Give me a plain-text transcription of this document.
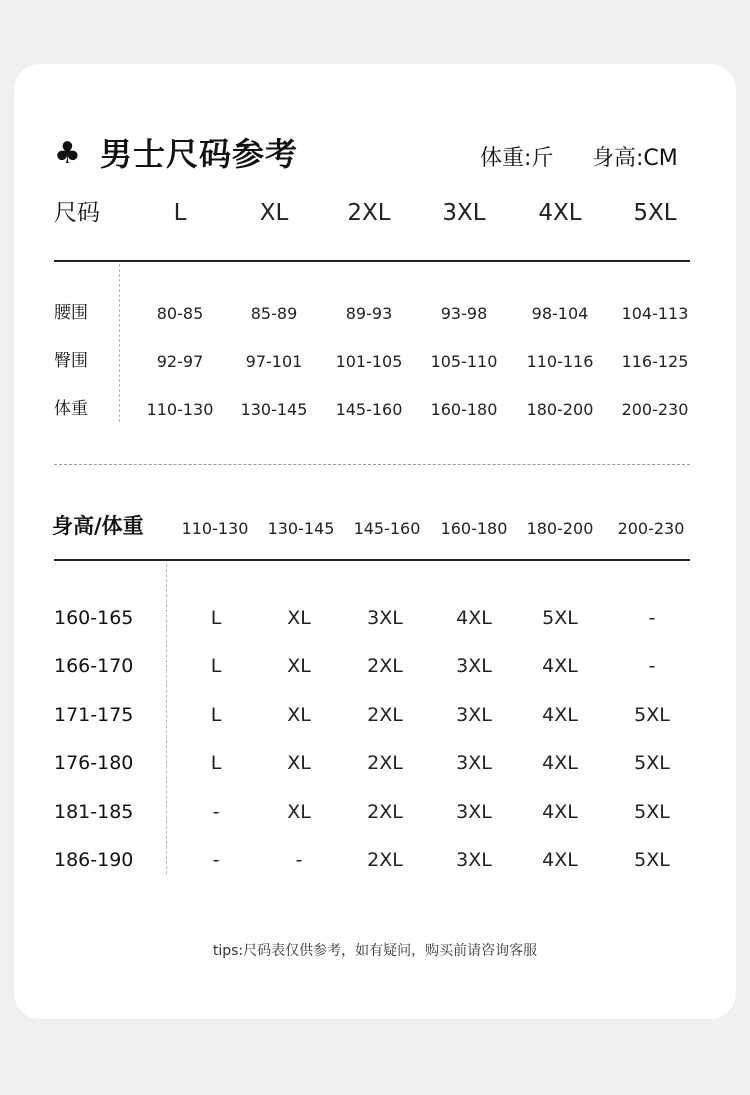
♣ 男士尺码参考	体重:斤 身高:CM
尺码	L	XL	2XL	3XL	4XL	5XL
腰围	80-85	85-89	89-93	93-98	98-104	104-113
臀围	92-97	97-101	101-105	105-110	110-116	116-125
体重	110-130	130-145	145-160	160-180	180-200	200-230
身高/体重	110-130	130-145	145-160	160-180	180-200	200-230
160-165	L	XL	3XL	4XL	5XL	-
166-170	L	XL	2XL	3XL	4XL	-
171-175	L	XL	2XL	3XL	4XL	5XL
176-180	L	XL	2XL	3XL	4XL	5XL
181-185	-	XL	2XL	3XL	4XL	5XL
186-190	-	-	2XL	3XL	4XL	5XL
tips:尺码表仅供参考，如有疑问，购买前请咨询客服
